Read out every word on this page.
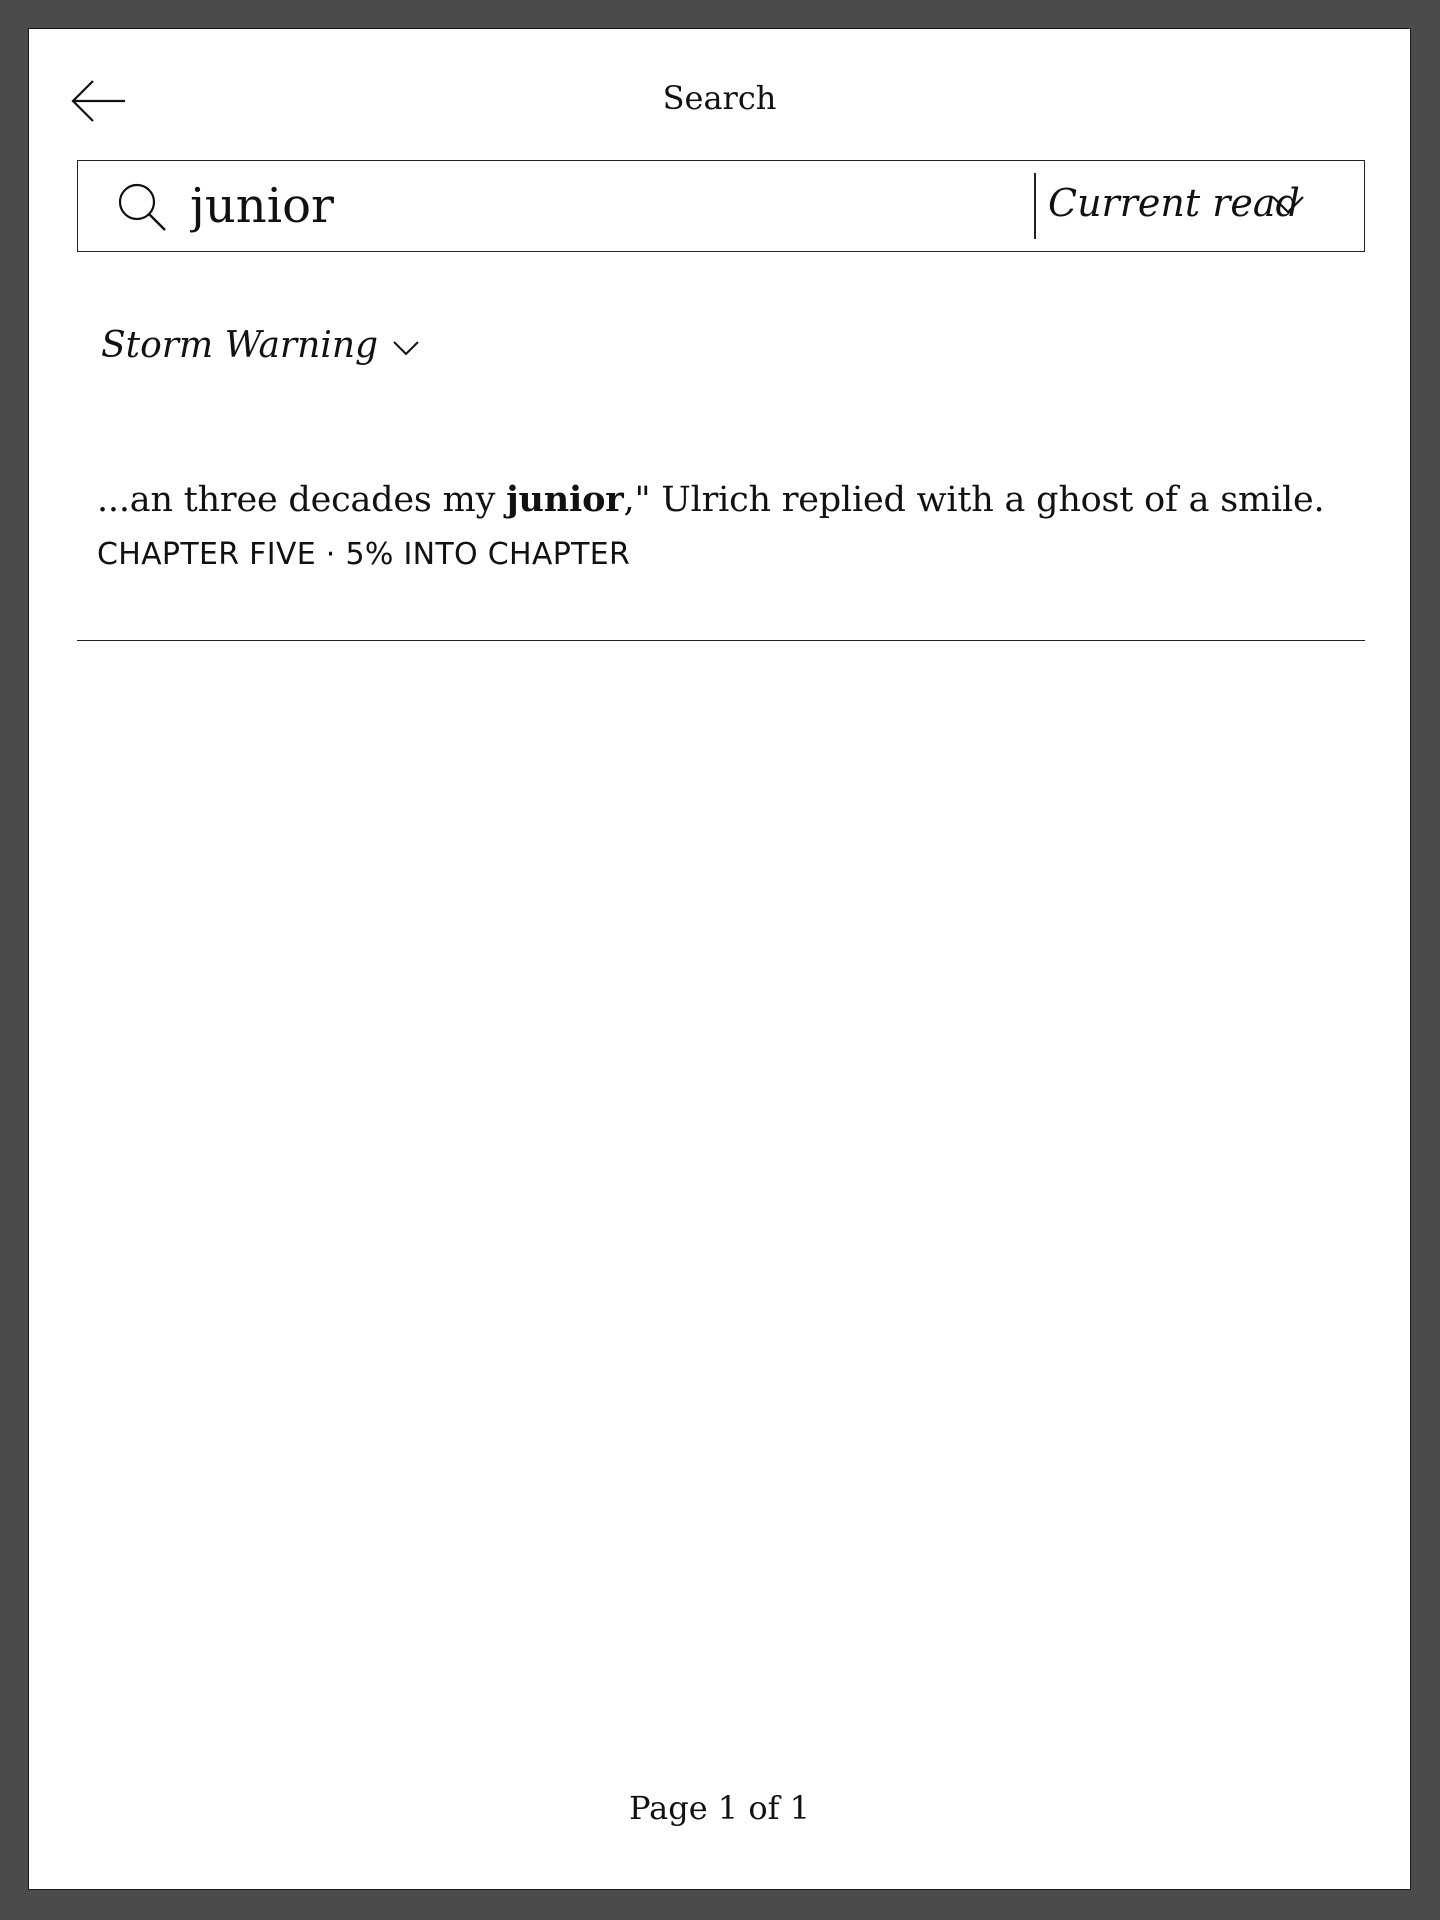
Search
junior
Current read
Storm Warning
...an three decades my junior," Ulrich replied with a ghost of a smile.
CHAPTER FIVE · 5% INTO CHAPTER
Page 1 of 1
